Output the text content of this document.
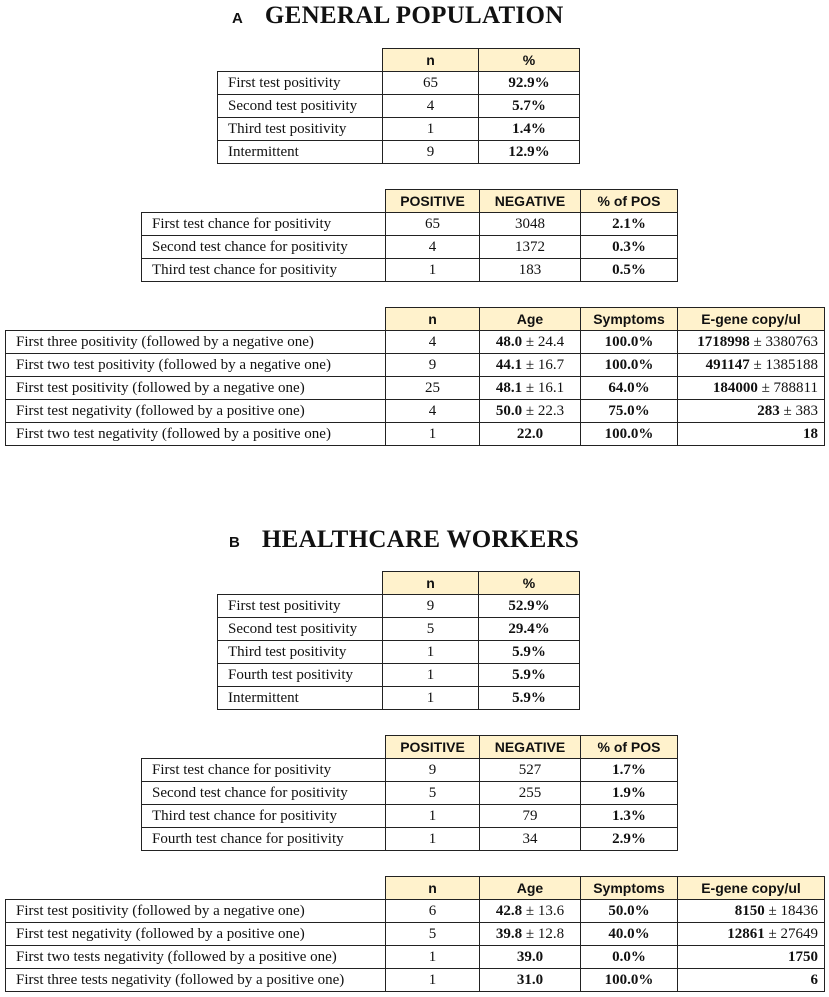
A GENERAL POPULATION
	n	%
First test positivity	65	92.9%
Second test positivity	4	5.7%
Third test positivity	1	1.4%
Intermittent	9	12.9%
	POSITIVE	NEGATIVE	% of POS
First test chance for positivity	65	3048	2.1%
Second test chance for positivity	4	1372	0.3%
Third test chance for positivity	1	183	0.5%
	n	Age	Symptoms	E-gene copy/ul
First three positivity (followed by a negative one)	4	48.0 ± 24.4	100.0%	1718998 ± 3380763
First two test positivity (followed by a negative one)	9	44.1 ± 16.7	100.0%	491147 ± 1385188
First test positivity (followed by a negative one)	25	48.1 ± 16.1	64.0%	184000 ± 788811
First test negativity (followed by a positive one)	4	50.0 ± 22.3	75.0%	283 ± 383
First two test negativity (followed by a positive one)	1	22.0	100.0%	18
B HEALTHCARE WORKERS
	n	%
First test positivity	9	52.9%
Second test positivity	5	29.4%
Third test positivity	1	5.9%
Fourth test positivity	1	5.9%
Intermittent	1	5.9%
	POSITIVE	NEGATIVE	% of POS
First test chance for positivity	9	527	1.7%
Second test chance for positivity	5	255	1.9%
Third test chance for positivity	1	79	1.3%
Fourth test chance for positivity	1	34	2.9%
	n	Age	Symptoms	E-gene copy/ul
First test positivity (followed by a negative one)	6	42.8 ± 13.6	50.0%	8150 ± 18436
First test negativity (followed by a positive one)	5	39.8 ± 12.8	40.0%	12861 ± 27649
First two tests negativity (followed by a positive one)	1	39.0	0.0%	1750
First three tests negativity (followed by a positive one)	1	31.0	100.0%	6
